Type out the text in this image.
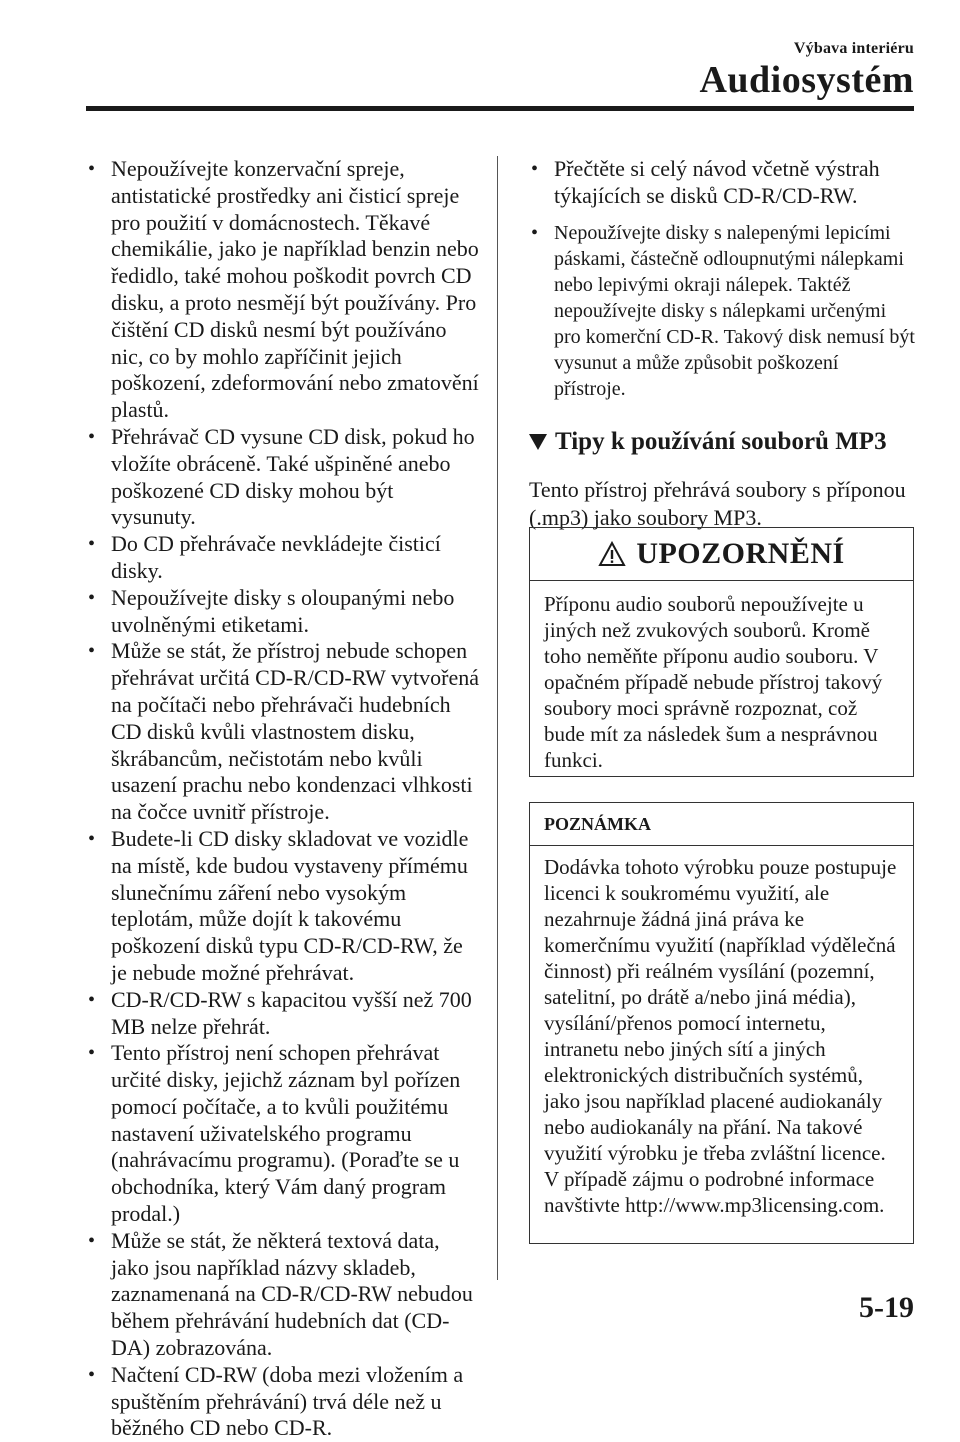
Výbava interiéru
Audiosystém
• Nepoužívejte konzervační spreje, antistatické prostředky ani čisticí spreje pro použití v domácnostech. Těkavé chemikálie, jako je například benzin nebo ředidlo, také mohou poškodit povrch CD disku, a proto nesmějí být používány. Pro čištění CD disků nesmí být používáno nic, co by mohlo zapříčinit jejich poškození, zdeformování nebo zmatovění plastů.
• Přehrávač CD vysune CD disk, pokud ho vložíte obráceně. Také ušpiněné anebo poškozené CD disky mohou být vysunuty.
• Do CD přehrávače nevkládejte čisticí disky.
• Nepoužívejte disky s oloupanými nebo uvolněnými etiketami.
• Může se stát, že přístroj nebude schopen přehrávat určitá CD-R/CD-RW vytvořená na počítači nebo přehrávači hudebních CD disků kvůli vlastnostem disku, škrábancům, nečistotám nebo kvůli usazení prachu nebo kondenzaci vlhkosti na čočce uvnitř přístroje.
• Budete-li CD disky skladovat ve vozidle na místě, kde budou vystaveny přímému slunečnímu záření nebo vysokým teplotám, může dojít k takovému poškození disků typu CD-R/CD-RW, že je nebude možné přehrávat.
• CD-R/CD-RW s kapacitou vyšší než 700 MB nelze přehrát.
• Tento přístroj není schopen přehrávat určité disky, jejichž záznam byl pořízen pomocí počítače, a to kvůli použitému nastavení uživatelského programu (nahrávacímu programu). (Poraďte se u obchodníka, který Vám daný program prodal.)
• Může se stát, že některá textová data, jako jsou například názvy skladeb, zaznamenaná na CD-R/CD-RW nebudou během přehrávání hudebních dat (CD-DA) zobrazována.
• Načtení CD-RW (doba mezi vložením a spuštěním přehrávání) trvá déle než u běžného CD nebo CD-R.
• Přečtěte si celý návod včetně výstrah týkajících se disků CD-R/CD-RW.
• Nepoužívejte disky s nalepenými lepicími páskami, částečně odloupnutými nálepkami nebo lepivými okraji nálepek. Taktéž nepoužívejte disky s nálepkami určenými pro komerční CD-R. Takový disk nemusí být vysunut a může způsobit poškození přístroje.
Tipy k používání souborů MP3
Tento přístroj přehrává soubory s příponou (.mp3) jako soubory MP3.
UPOZORNĚNÍ
Příponu audio souborů nepoužívejte u jiných než zvukových souborů. Kromě toho neměňte příponu audio souboru. V opačném případě nebude přístroj takový soubory moci správně rozpoznat, což bude mít za následek šum a nesprávnou funkci.
POZNÁMKA
Dodávka tohoto výrobku pouze postupuje licenci k soukromému využití, ale nezahrnuje žádná jiná práva ke komerčnímu využití (například výdělečná činnost) při reálném vysílání (pozemní, satelitní, po drátě a/nebo jiná média), vysílání/přenos pomocí internetu, intranetu nebo jiných sítí a jiných elektronických distribučních systémů, jako jsou například placené audiokanály nebo audiokanály na přání. Na takové využití výrobku je třeba zvláštní licence. V případě zájmu o podrobné informace navštivte http://www.mp3licensing.com.
5-19
